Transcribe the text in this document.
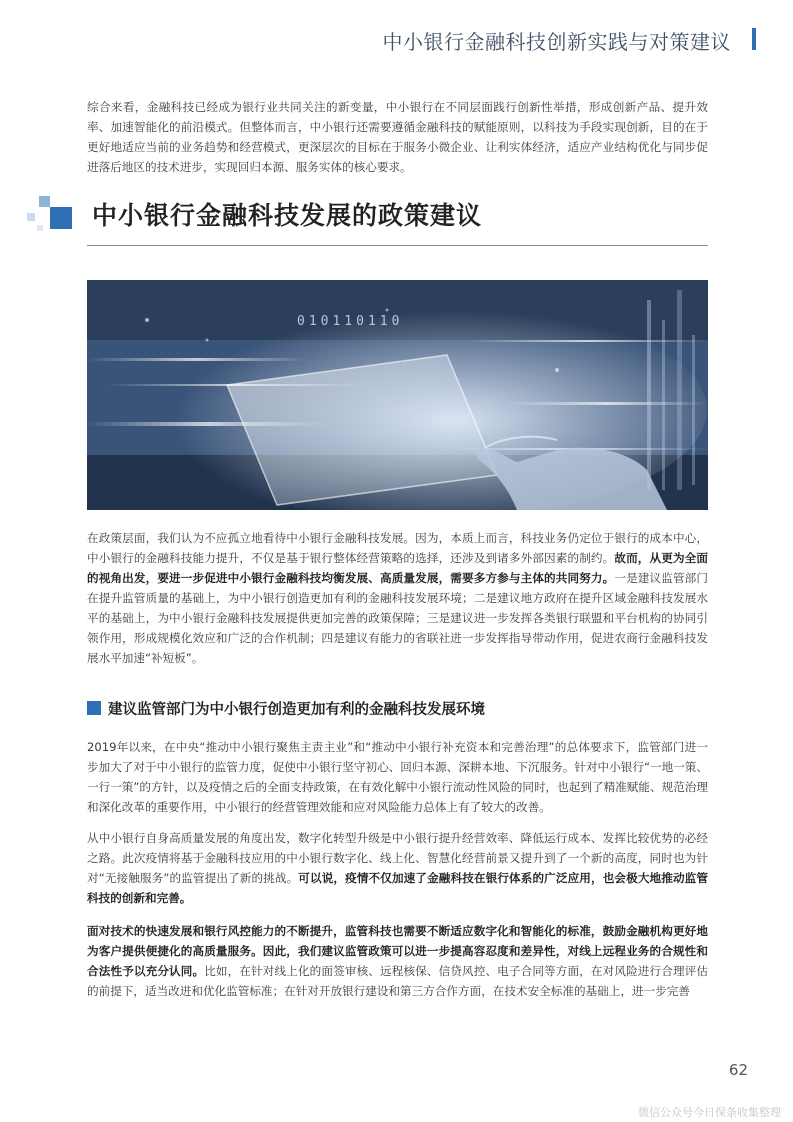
中小银行金融科技创新实践与对策建议

综合来看，金融科技已经成为银行业共同关注的新变量，中小银行在不同层面践行创新性举措，形成创新产品、提升效率、加速智能化的前沿模式。但整体而言，中小银行还需要遵循金融科技的赋能原则，以科技为手段实现创新，目的在于更好地适应当前的业务趋势和经营模式，更深层次的目标在于服务小微企业、让利实体经济，适应产业结构优化与同步促进落后地区的技术进步，实现回归本源、服务实体的核心要求。

中小银行金融科技发展的政策建议
010110110

在政策层面，我们认为不应孤立地看待中小银行金融科技发展。因为，本质上而言，科技业务仍定位于银行的成本中心，中小银行的金融科技能力提升，不仅是基于银行整体经营策略的选择，还涉及到诸多外部因素的制约。故而，从更为全面的视角出发，要进一步促进中小银行金融科技均衡发展、高质量发展，需要多方参与主体的共同努力。一是建议监管部门在提升监管质量的基础上，为中小银行创造更加有利的金融科技发展环境；二是建议地方政府在提升区域金融科技发展水平的基础上，为中小银行金融科技发展提供更加完善的政策保障；三是建议进一步发挥各类银行联盟和平台机构的协同引领作用，形成规模化效应和广泛的合作机制；四是建议有能力的省联社进一步发挥指导带动作用，促进农商行金融科技发展水平加速“补短板”。

建议监管部门为中小银行创造更加有利的金融科技发展环境

2019年以来，在中央“推动中小银行聚焦主责主业”和“推动中小银行补充资本和完善治理”的总体要求下，监管部门进一步加大了对于中小银行的监管力度，促使中小银行坚守初心、回归本源、深耕本地、下沉服务。针对中小银行“一地一策、一行一策”的方针，以及疫情之后的全面支持政策，在有效化解中小银行流动性风险的同时，也起到了精准赋能、规范治理和深化改革的重要作用，中小银行的经营管理效能和应对风险能力总体上有了较大的改善。

从中小银行自身高质量发展的角度出发，数字化转型升级是中小银行提升经营效率、降低运行成本、发挥比较优势的必经之路。此次疫情将基于金融科技应用的中小银行数字化、线上化、智慧化经营前景又提升到了一个新的高度，同时也为针对“无接触服务”的监管提出了新的挑战。可以说，疫情不仅加速了金融科技在银行体系的广泛应用，也会极大地推动监管科技的创新和完善。

面对技术的快速发展和银行风控能力的不断提升，监管科技也需要不断适应数字化和智能化的标准，鼓励金融机构更好地为客户提供便捷化的高质量服务。因此，我们建议监管政策可以进一步提高容忍度和差异性，对线上远程业务的合规性和合法性予以充分认同。比如，在针对线上化的面签审核、远程核保、信贷风控、电子合同等方面，在对风险进行合理评估的前提下，适当改进和优化监管标准；在针对开放银行建设和第三方合作方面，在技术安全标准的基础上，进一步完善

62
微信公众号今日保条收集整理
